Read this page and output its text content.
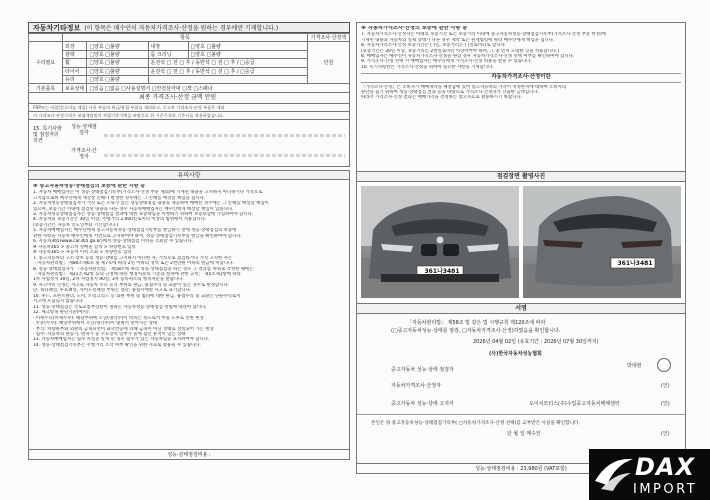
자동차기타정보 (이 항목은 매수인이 자동차가격조사·산정을 원하는 경우에만 기재합니다.)
	항목				가격조사·산정액
수리필요	외장	□양호 □불량	내장	□양호 □불량	만원
	광택	□양호 □불량	룸 크리닝	□양호 □불량	
	휠	□양호 □불량	운전석 □ 전 □ 후 / 동반석 □ 전 □ 후 / □응급		
	타이어	□양호 □불량	운전석 □ 전 □ 후 / 동반석 □ 전 □ 후 / □응급		
	유리	□양호 □불량			
기본품목	보유상태	□있음 □없음 □사용설명서 □안전삼각대 □잭 □스패너			
최종 가격조사·산정 금액 만원
FRP또는 비철(알루미늄 재질) 사용 부품의 판금/용접 부위를 제외하고, 중고차 가격조사·산정 부품은 제외
이 가격조사·산정가격은 보험개발원의 차량기준가액을 바탕으로 한 기준가격과 기준서를 적용하였습니다.
15. 특기사항 및 점검자의 의견
성능·상태점검자
가격조사·산정자
유의사항

※ 중고자동차성능·상태점검의 보증에 관한 사항 등

1. 자동차 매매업자는 이 성능·상태점검기록부(가격조사·산정 부분 제외)에 기재된 내용을 고지하지 아니하거나 거짓으로

고지함으로써 매수인에게 재산상 손해가 발생한 경우에는 그 손해를 배상할 책임을 집니다.

2. 자동차성능상태점검자가 거짓 또는 오류가 있는 성능상태점검 내용을 제공하여 매매된 경우에는 그 손해를 배상할 책임이

있으며, 보증기간 이내에 점검된 내용과 다른 경우 자동차매매업자는 매수인에게 배상할 책임이 있습니다.

3. 자동차성능상태점검자는 성능·상태점검 결과에 대한 보증책임을 이행하기 위하여 보증보험에 가입하여야 합니다.

4. 자동차의 보증기간은 30일 이상, 주행거리 2,000킬로미터 이상의 범위에서 적용합니다.

(보증기간은 자동차 인도일부터 기산합니다.)

5. 자동차매매업자는 매수인에게 중고자동차성능·상태점검기록부를 발급하기 전에 성능·상태점검의 보증에

관한 사항을 자동차 매수인에게 서면으로 고지하여야 하며, 성능·상태점검기록부의 발급을 확인하여야 합니다.

6. 자동차365(www.car365.go.kr)에서 성능·상태점검 이력을 조회할 수 있습니다.

※ 자동차365 > 중고차 실매물 검색 > 차량번호 입력

※ 자동차365 > 자동차 이력 조회 > 차량번호 입력

7. 중고자동차의 구조·장치 등의 성능·상태를 고지하지 아니한 자, 거짓으로 점검하거나 거짓 고지한 자는

「자동차관리법」 제80조제6호 및 제7호에 따라 2년 이하의 징역 또는 2천만원 이하의 벌금에 처합니다.

8. 성능·상태점검자가 「자동차관리법」 제58조에 따라 성능·상태점검을 하는 경우 그 결과를 허위로 작성한 때에는

「자동차관리법」 제21조제2항 등의 규정에 따른 행정처분의 기준과 절차에 관한 규칙」 제5조제1항에 따라

1차 사업정지 30일, 2차 사업정지 90일, 3차 등록취소의 행정처분을 받습니다.

9. 사고이력 인정은 사고로 자동차 주요 골격 부위의 판금, 용접수리 및 교환이 있는 경우로 한정합니다.

단, 쿼터패널, 루프패널, 사이드실패널 부위는 절단, 용접시에만 사고로 표기합니다.

10. 후드, 프론트펜더, 도어, 트렁크리드 등 외판 부위 및 범퍼에 대한 판금, 용접수리 및 교환은 단순수리로서

사고에 포함되지 않습니다.

11. 성능·상태점검은 국토교통부장관이 정하는 자동차성능·상태점검 방법에 따라야 합니다.

12. 체크항목 판단기준(예시)

· 미세누유(미세누수): 해당부위에 오일(냉각수)이 비치는 정도로서 부품 노후로 인한 현상

· 누유(누수): 해당부위에서 오일(냉각수)이 맺혀서 떨어지는 상태

· 부식: 차량하부와 외판의 금속표면이 화학반응에 의해 금속이 아닌 상태로 상실되어 가는 현상

· 침수: 자동차의 원동기, 변속기 등 주요장치 일부가 물에 잠긴 흔적이 있는 상태

13. 자동차매매업자는 침수 사실을 알게 된 경우 침수가 있는 자동차임을 표시하여야 합니다.

14. 성능·상태점검기록부는 주행거리 조작 여부 확인을 위한 자료로 활용될 수 있습니다.

성능·상태점검비용 :

※ 자동차가격조사·산정의 보증에 관한 사항 등

7. 자동차가격조사·산정자는 아래의 보증기간 또는 보증거리 이내에 중고자동차성능·상태점검기록부(가격조사·산정 부분 한정)에

기재된 내용과 자동차의 실제 상태가 다른 경우 계약 또는 관계법령에 따라 매수인에게 책임을 집니다.

8. 자동차가격조사·산정 보증기간은 ( )일, 보증거리는 ( )킬로미터로 합니다.

(보증기간은 30일 이상, 보증거리는 2천킬로미터 이상이어야 하며, 그 중 먼저 도래한 것을 적용합니다.)

8. 매매업자는 매수인이 자동차가격조사·산정을 원할 경우 자동차가격조사·산정 선택 여부를 확인하여야 합니다.

9. 가격조사·산정 선택 시 매매업자는 매수인에게 가격조사·산정 비용을 받을 수 있습니다.

10. 특기사항란은 가격조사·산정을 위하여 필요한 사항을 기재합니다.

자동차가격조사·산정이란

『가격조사·산정』은 소비자가 매매계약을 체결함에 있어 중고자동차의 가격이 적정한지에 대하여 소비자의

판단을 돕기 위하여 성능·상태점검 결과 등을 바탕으로 가격조사·산정자가 산출한 금액입니다.

따라서 가격조사·산정 결과는 매매가격을 결정하는 참고자료로 활용하시기 바랍니다.

점검장면 촬영사진
361나3481
361나3481
서명
「자동차관리법」 제58조 및 같은 법 시행규칙 제120조에 따라
(□중고자동차성능·상태를 점검, □자동차가격조사·산정)하였음을 확인합니다.
2026년 04월 02일 (유효기간 : 2026년 07월 30일까지)
(사)한국자동차성능협회
중고자동차 성능·상태 점검자
박대현
자동차가격조사·산정자	(인)
중고자동차 성능·상태 고지자	도이치모터스(주)수입중고자동차매매센터	(인)
본인은 위 중고자동차성능·상태점검기록부( □자동차가격조사·산정 선택)를 교부받은 사실을 확인합니다.
년 월 일 매수인	(인)
성능·상태점검비용 : 23,980원 (VAT포함)	DAX
IMPORT
